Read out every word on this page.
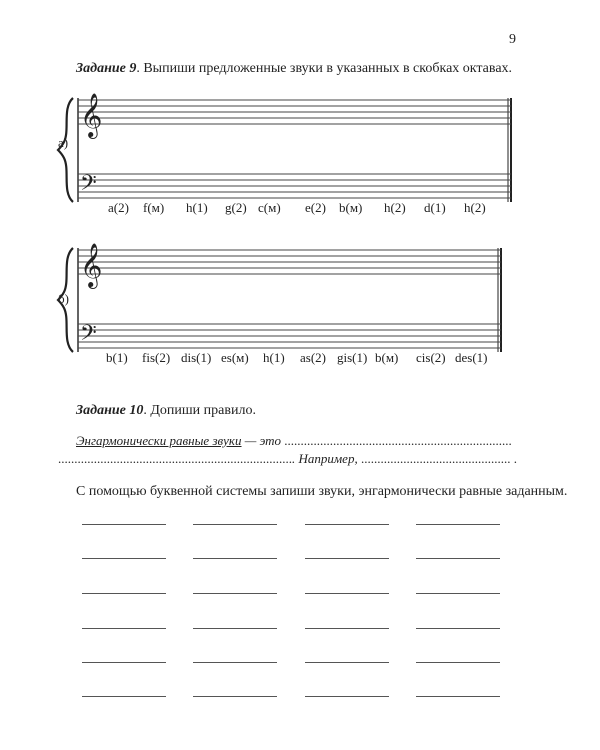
9
Задание 9. Выпиши предложенные звуки в указанных в скобках октавах.
𝄞
𝄢
а)
a(2) f(м) h(1) g(2) c(м) e(2) b(м) h(2) d(1) h(2)
𝄞
𝄢
б)
b(1) fis(2) dis(1) es(м) h(1) as(2) gis(1) b(м) cis(2) des(1)
Задание 10. Допиши правило.
Энгармонически равные звуки — это ......................................................................
......................................................................... Например, .............................................. .
С помощью буквенной системы запиши звуки, энгармонически равные заданным.
